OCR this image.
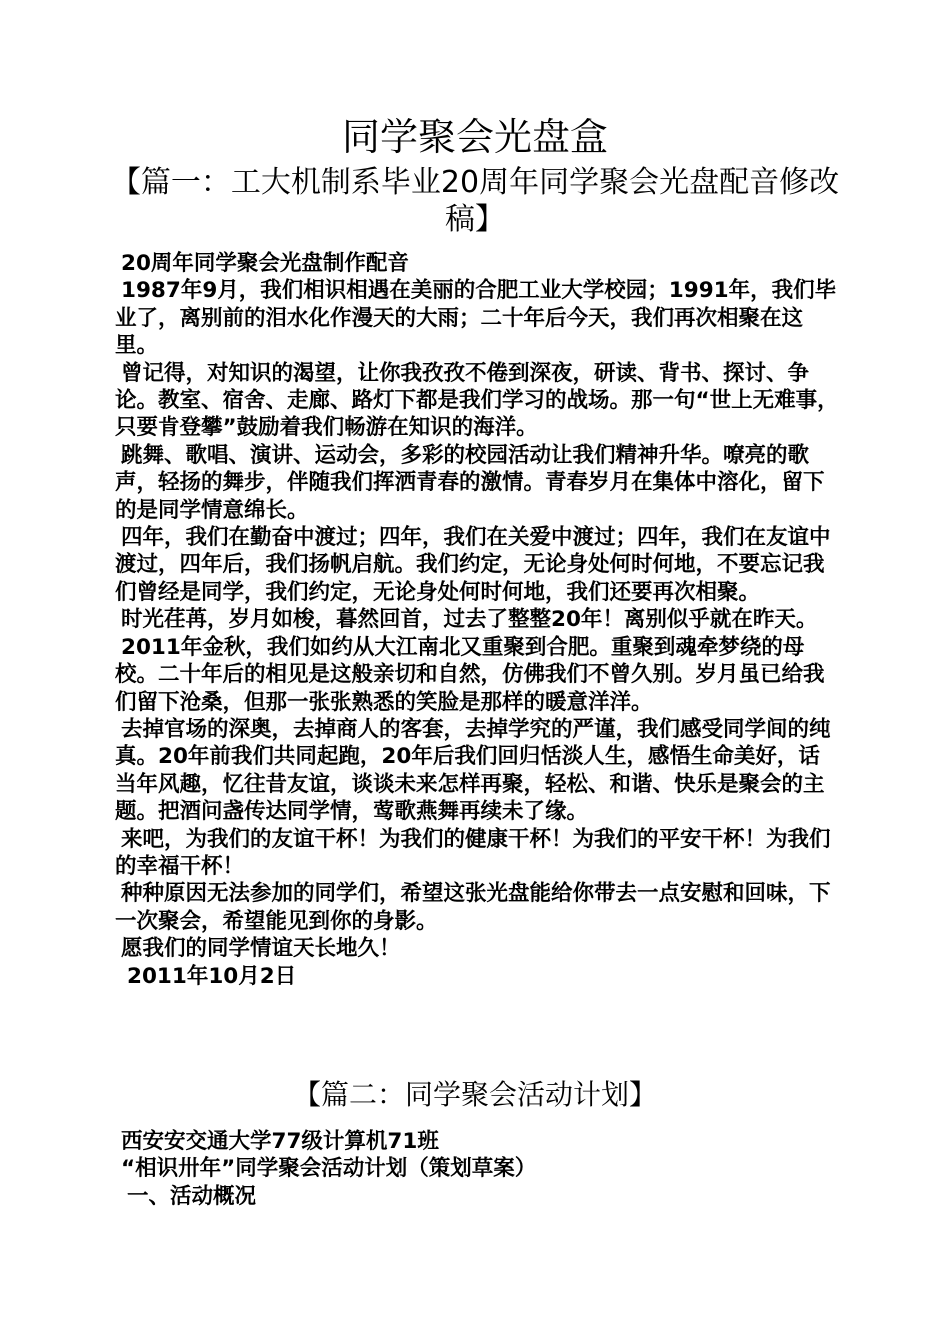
同学聚会光盘盒
【篇一：工大机制系毕业20周年同学聚会光盘配音修改稿】

20周年同学聚会光盘制作配音

1987年9月，我们相识相遇在美丽的合肥工业大学校园；1991年，我们毕业了，离别前的泪水化作漫天的大雨；二十年后今天，我们再次相聚在这里。

曾记得，对知识的渴望，让你我孜孜不倦到深夜，研读、背书、探讨、争论。教室、宿舍、走廊、路灯下都是我们学习的战场。那一句“世上无难事，只要肯登攀”鼓励着我们畅游在知识的海洋。

跳舞、歌唱、演讲、运动会，多彩的校园活动让我们精神升华。嘹亮的歌声，轻扬的舞步，伴随我们挥洒青春的激情。青春岁月在集体中溶化，留下的是同学情意绵长。

四年，我们在勤奋中渡过；四年，我们在关爱中渡过；四年，我们在友谊中渡过，四年后，我们扬帆启航。我们约定，无论身处何时何地，不要忘记我们曾经是同学，我们约定，无论身处何时何地，我们还要再次相聚。

时光荏苒，岁月如梭，暮然回首，过去了整整20年！离别似乎就在昨天。

2011年金秋，我们如约从大江南北又重聚到合肥。重聚到魂牵梦绕的母校。二十年后的相见是这般亲切和自然，仿佛我们不曾久别。岁月虽已给我们留下沧桑，但那一张张熟悉的笑脸是那样的暖意洋洋。

去掉官场的深奥，去掉商人的客套，去掉学究的严谨，我们感受同学间的纯真。20年前我们共同起跑，20年后我们回归恬淡人生，感悟生命美好，话当年风趣，忆往昔友谊，谈谈未来怎样再聚，轻松、和谐、快乐是聚会的主题。把酒问盏传达同学情，莺歌燕舞再续未了缘。

来吧，为我们的友谊干杯！为我们的健康干杯！为我们的平安干杯！为我们的幸福干杯！

种种原因无法参加的同学们，希望这张光盘能给你带去一点安慰和回味，下一次聚会，希望能见到你的身影。

愿我们的同学情谊天长地久！

2011年10月2日

【篇二：同学聚会活动计划】

西安安交通大学77级计算机71班

“相识卅年”同学聚会活动计划（策划草案）

一、活动概况
